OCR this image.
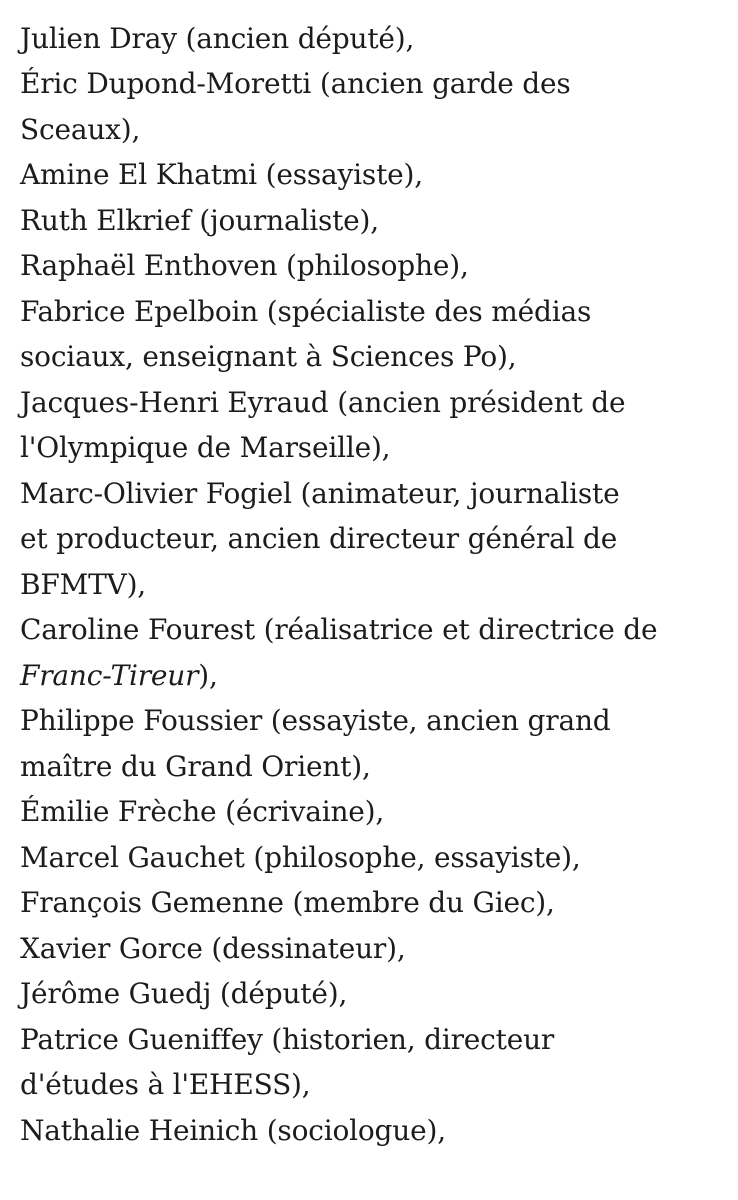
Julien Dray (ancien député),
Éric Dupond-Moretti (ancien garde des
Sceaux),
Amine El Khatmi (essayiste),
Ruth Elkrief (journaliste),
Raphaël Enthoven (philosophe),
Fabrice Epelboin (spécialiste des médias
sociaux, enseignant à Sciences Po),
Jacques-Henri Eyraud (ancien président de
l'Olympique de Marseille),
Marc-Olivier Fogiel (animateur, journaliste
et producteur, ancien directeur général de
BFMTV),
Caroline Fourest (réalisatrice et directrice de
Franc-Tireur),
Philippe Foussier (essayiste, ancien grand
maître du Grand Orient),
Émilie Frèche (écrivaine),
Marcel Gauchet (philosophe, essayiste),
François Gemenne (membre du Giec),
Xavier Gorce (dessinateur),
Jérôme Guedj (député),
Patrice Gueniffey (historien, directeur
d'études à l'EHESS),
Nathalie Heinich (sociologue),
